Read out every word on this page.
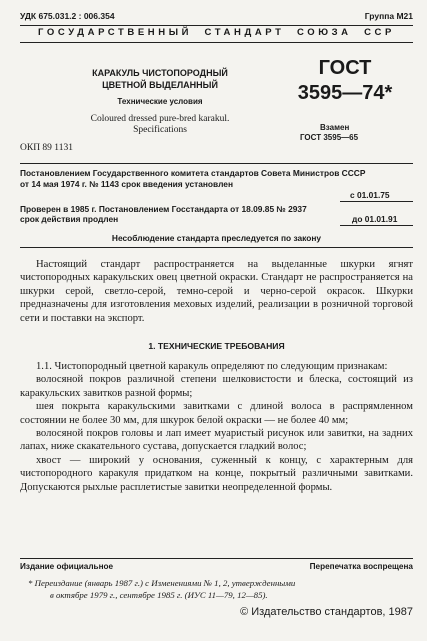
УДК 675.031.2 : 006.354	Группа М21
ГОСУДАРСТВЕННЫЙ  СТАНДАРТ  СОЮЗА  ССР
КАРАКУЛЬ ЧИСТОПОРОДНЫЙ
ЦВЕТНОЙ ВЫДЕЛАННЫЙ
Технические условия
Coloured dressed pure-bred karakul.
Specifications
ОКП 89 1131
ГОСТ
3595—74*
Взамен
ГОСТ 3595—65
Постановлением Государственного комитета стандартов Совета Министров СССР
от 14 мая 1974 г. № 1143 срок введения установлен
с 01.01.75
Проверен в 1985 г. Постановлением Госстандарта от 18.09.85 № 2937
срок действия продлен	до 01.01.91
Несоблюдение стандарта преследуется по закону

Настоящий стандарт распространяется на выделанные шкурки ягнят чистопородных каракульских овец цветной окраски. Стандарт не распространяется на шкурки серой, светло-серой, темно-серой и черно-серой окрасок. Шкурки предназначены для изготовления меховых изделий, реализации в розничной торговой сети и поставки на экспорт.

1. ТЕХНИЧЕСКИЕ ТРЕБОВАНИЯ

1.1. Чистопородный цветной каракуль определяют по следующим признакам:

волосяной покров различной степени шелковистости и блеска, состоящий из каракульских завитков разной формы;

шея покрыта каракульскими завитками с длиной волоса в распрямленном состоянии не более 30 мм, для шкурок белой окраски — не более 40 мм;

волосяной покров головы и лап имеет муаристый рисунок или завитки, на задних лапах, ниже скакательного сустава, допускается гладкий волос;

хвост — широкий у основания, суженный к концу, с характерным для чистопородного каракуля придатком на конце, покрытый различными завитками. Допускаются рыхлые расплетистые завитки неопределенной формы.

Издание официальное	Перепечатка воспрещена
* Переиздание (январь 1987 г.) с Изменениями № 1, 2, утвержденными
в октябре 1979 г., сентябре 1985 г. (ИУС 11—79, 12—85).
© Издательство стандартов, 1987
